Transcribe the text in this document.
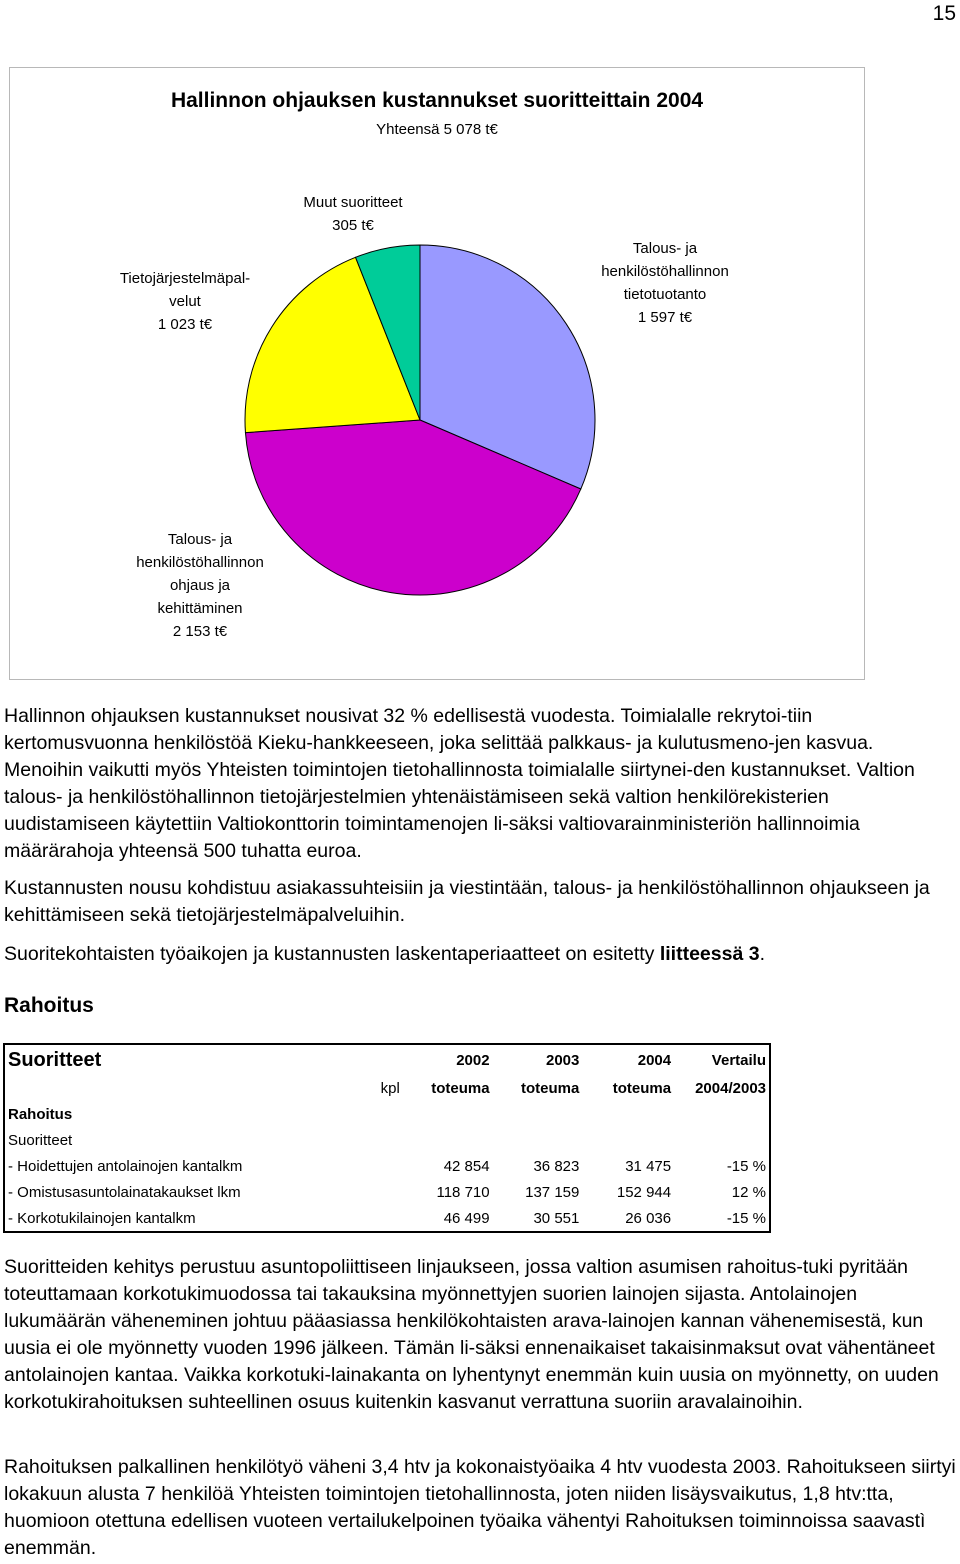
15
Hallinnon ohjauksen kustannukset suoritteittain 2004
Yhteensä 5 078 t€
Talous- ja
henkilöstöhallinnon
tietotuotanto
1 597 t€
Talous- ja
henkilöstöhallinnon
ohjaus ja
kehittäminen
2 153 t€
Tietojärjestelmäpal-
velut
1 023 t€
Muut suoritteet
305 t€

Hallinnon ohjauksen kustannukset nousivat 32 % edellisestä vuodesta. Toimialalle rekrytoi-tiin kertomusvuonna henkilöstöä Kieku-hankkeeseen, joka selittää palkkaus- ja kulutusmeno-jen kasvua. Menoihin vaikutti myös Yhteisten toimintojen tietohallinnosta toimialalle siirtynei-den kustannukset. Valtion talous- ja henkilöstöhallinnon tietojärjestelmien yhtenäistämiseen sekä valtion henkilörekisterien uudistamiseen käytettiin Valtiokonttorin toimintamenojen li-säksi valtiovarainministeriön hallinnoimia määrärahoja yhteensä 500 tuhatta euroa.

Kustannusten nousu kohdistuu asiakassuhteisiin ja viestintään, talous- ja henkilöstöhallinnon ohjaukseen ja kehittämiseen sekä tietojärjestelmäpalveluihin.

Suoritekohtaisten työaikojen ja kustannusten laskentaperiaatteet on esitetty liitteessä 3.

Rahoitus
Suoritteet		2002	2003	2004	Vertailu
	kpl	toteuma	toteuma	toteuma	2004/2003
Rahoitus					
Suoritteet					
- Hoidettujen antolainojen kantalkm		42 854	36 823	31 475	-15 %
- Omistusasuntolainatakaukset lkm		118 710	137 159	152 944	12 %
- Korkotukilainojen kantalkm		46 499	30 551	26 036	-15 %

Suoritteiden kehitys perustuu asuntopoliittiseen linjaukseen, jossa valtion asumisen rahoitus-tuki pyritään toteuttamaan korkotukimuodossa tai takauksina myönnettyjen suorien lainojen sijasta. Antolainojen lukumäärän väheneminen johtuu pääasiassa henkilökohtaisten arava-lainojen kannan vähenemisestä, kun uusia ei ole myönnetty vuoden 1996 jälkeen. Tämän li-säksi ennenaikaiset takaisinmaksut ovat vähentäneet antolainojen kantaa. Vaikka korkotuki-lainakanta on lyhentynyt enemmän kuin uusia on myönnetty, on uuden korkotukirahoituksen suhteellinen osuus kuitenkin kasvanut verrattuna suoriin aravalainoihin.

Rahoituksen palkallinen henkilötyö väheni 3,4 htv ja kokonaistyöaika 4 htv vuodesta 2003. Rahoitukseen siirtyi lokakuun alusta 7 henkilöä Yhteisten toimintojen tietohallinnosta, joten niiden lisäysvaikutus, 1,8 htv:tta, huomioon otettuna edellisen vuoteen vertailukelpoinen työaika vähentyi Rahoituksen toiminnoissa saavastì enemmän.
